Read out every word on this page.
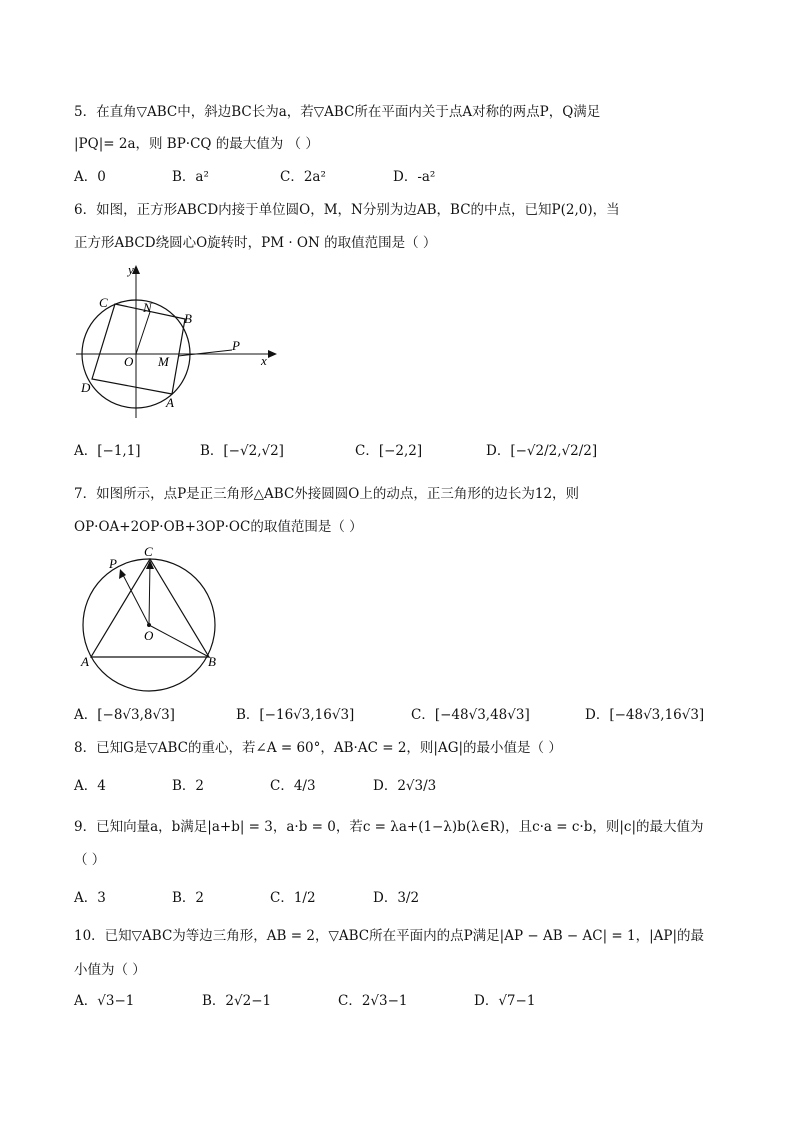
5．在直角▽ABC中，斜边BC长为a，若▽ABC所在平面内关于点A对称的两点P，Q满足
|PQ|= 2a，则 BP·CQ 的最大值为 （ ）
A．0	B．a²	C．2a²	D．-a²
6．如图，正方形ABCD内接于单位圆O，M，N分别为边AB，BC的中点，已知P(2,0)，当
正方形ABCD绕圆心O旋转时，PM · ON 的取值范围是（ ）
y
C	N
B
O M
P
x
D
A
A．[−1,1]	B．[−√2,√2]	C．[−2,2]	D．[−√2/2,√2/2]
7．如图所示，点P是正三角形△ABC外接圆圆O上的动点，正三角形的边长为12，则
OP·OA+2OP·OB+3OP·OC的取值范围是（ ）
P
C
O
A	B
A．[−8√3,8√3]	B．[−16√3,16√3]	C．[−48√3,48√3]	D．[−48√3,16√3]
8．已知G是▽ABC的重心，若∠A = 60°，AB·AC = 2，则|AG|的最小值是（ ）
A．4	B．2	C．4/3	D．2√3/3
9．已知向量a，b满足|a+b| = 3，a·b = 0，若c = λa+(1−λ)b(λ∈R)，且c·a = c·b，则|c|的最大值为
（ ）
A．3	B．2	C．1/2	D．3/2
10．已知▽ABC为等边三角形，AB = 2，▽ABC所在平面内的点P满足|AP − AB − AC| = 1，|AP|的最
小值为（ ）
A．√3−1	B．2√2−1	C．2√3−1	D．√7−1
